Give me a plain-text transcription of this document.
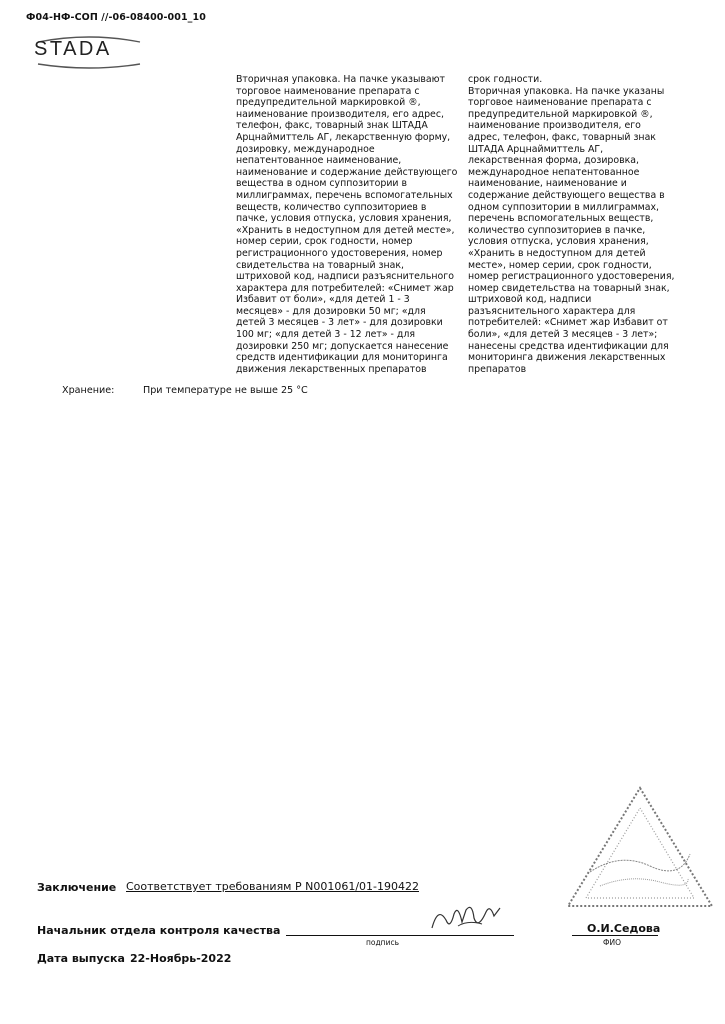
Ф04-НФ-СОП //-06-08400-001_10
STADA
Вторичная упаковка. На пачке указывают
торговое наименование препарата с
предупредительной маркировкой ®,
наименование производителя, его адрес,
телефон, факс, товарный знак ШТАДА
Арцнаймиттель АГ, лекарственную форму,
дозировку, международное
непатентованное наименование,
наименование и содержание действующего
вещества в одном суппозитории в
миллиграммах, перечень вспомогательных
веществ, количество суппозиториев в
пачке, условия отпуска, условия хранения,
«Хранить в недоступном для детей месте»,
номер серии, срок годности, номер
регистрационного удостоверения, номер
свидетельства на товарный знак,
штриховой код, надписи разъяснительного
характера для потребителей: «Снимет жар
Избавит от боли», «для детей 1 - 3
месяцев» - для дозировки 50 мг; «для
детей 3 месяцев - 3 лет» - для дозировки
100 мг; «для детей 3 - 12 лет» - для
дозировки 250 мг; допускается нанесение
средств идентификации для мониторинга
движения лекарственных препаратов
срок годности.
Вторичная упаковка. На пачке указаны
торговое наименование препарата с
предупредительной маркировкой ®,
наименование производителя, его
адрес, телефон, факс, товарный знак
ШТАДА Арцнаймиттель АГ,
лекарственная форма, дозировка,
международное непатентованное
наименование, наименование и
содержание действующего вещества в
одном суппозитории в миллиграммах,
перечень вспомогательных веществ,
количество суппозиториев в пачке,
условия отпуска, условия хранения,
«Хранить в недоступном для детей
месте», номер серии, срок годности,
номер регистрационного удостоверения,
номер свидетельства на товарный знак,
штриховой код, надписи
разъяснительного характера для
потребителей: «Снимет жар Избавит от
боли», «для детей 3 месяцев - 3 лет»;
нанесены средства идентификации для
мониторинга движения лекарственных
препаратов
Хранение:	При температуре не выше 25 °С
Заключение Соответствует требованиям Р N001061/01-190422
Начальник отдела контроля качества
подпись
О.И.Седова
ФИО
Дата выпуска 22-Ноябрь-2022
